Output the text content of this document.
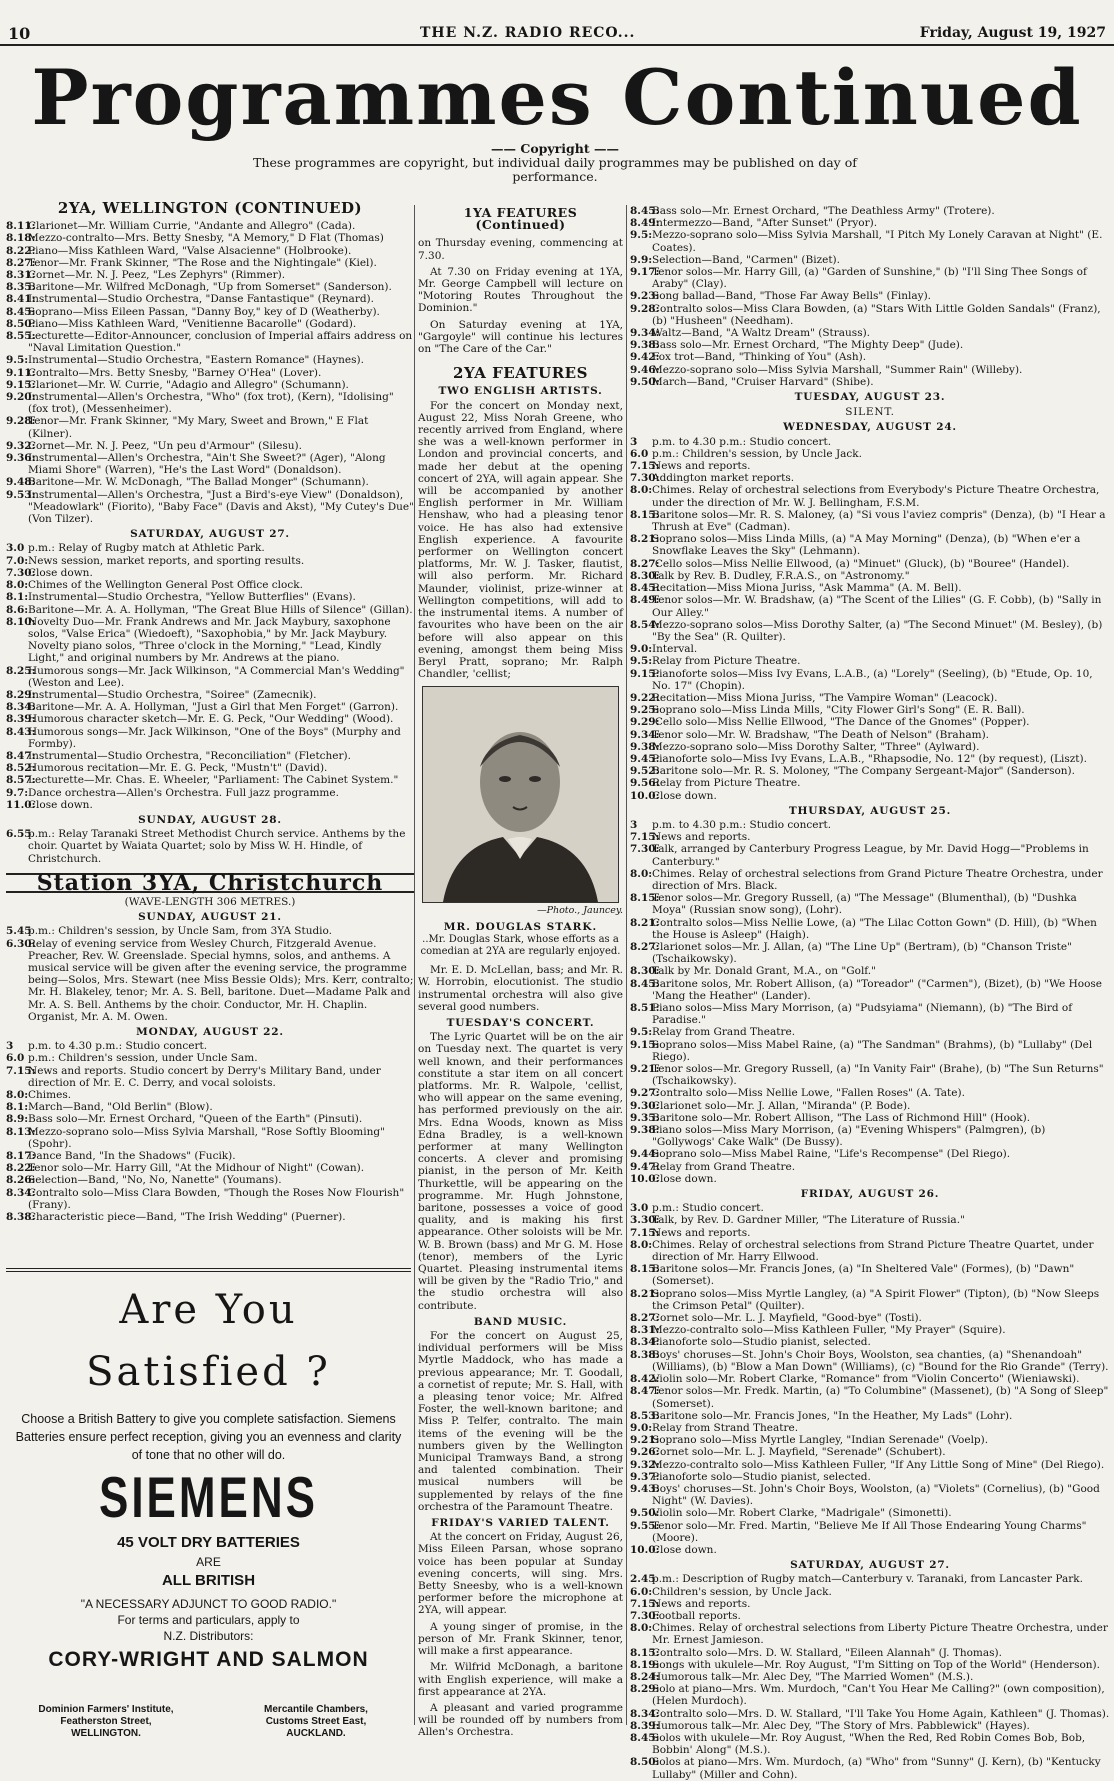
10	THE N.Z. RADIO RECO...	Friday, August 19, 1927
Programmes Continued
—— Copyright ——
These programmes are copyright, but individual daily programmes may be published on day of performance.
2YA, WELLINGTON (CONTINUED)
8.11:
Clarionet—Mr. William Currie, "Andante and Allegro" (Cada).
8.18:
Mezzo-contralto—Mrs. Betty Snesby, "A Memory," D Flat (Thomas)
8.22:
Piano—Miss Kathleen Ward, "Valse Alsacienne" (Holbrooke).
8.27:
Tenor—Mr. Frank Skinner, "The Rose and the Nightingale" (Kiel).
8.31:
Cornet—Mr. N. J. Peez, "Les Zephyrs" (Rimmer).
8.35:
Baritone—Mr. Wilfred McDonagh, "Up from Somerset" (Sanderson).
8.41:
Instrumental—Studio Orchestra, "Danse Fantastique" (Reynard).
8.45:
Soprano—Miss Eileen Passan, "Danny Boy," key of D (Weatherby).
8.50:
Piano—Miss Kathleen Ward, "Venitienne Bacarolle" (Godard).
8.55:
Lecturette—Editor-Announcer, conclusion of Imperial affairs address on "Naval Limitation Question."
9.5: Instrumental—Studio Orchestra, "Eastern Romance" (Haynes).
9.11:
Contralto—Mrs. Betty Snesby, "Barney O'Hea" (Lover).
9.15:
Clarionet—Mr. W. Currie, "Adagio and Allegro" (Schumann).
9.20:
Instrumental—Allen's Orchestra, "Who" (fox trot), (Kern), "Idolising" (fox trot), (Messenheimer).
9.28:
Tenor—Mr. Frank Skinner, "My Mary, Sweet and Brown," E Flat (Kilner).
9.32:
Cornet—Mr. N. J. Peez, "Un peu d'Armour" (Silesu).
9.36:
Instrumental—Allen's Orchestra, "Ain't She Sweet?" (Ager), "Along Miami Shore" (Warren), "He's the Last Word" (Donaldson).
9.48:
Baritone—Mr. W. McDonagh, "The Ballad Monger" (Schumann).
9.53:
Instrumental—Allen's Orchestra, "Just a Bird's-eye View" (Donaldson), "Meadowlark" (Fiorito), "Baby Face" (Davis and Akst), "My Cutey's Due" (Von Tilzer).
SATURDAY, AUGUST 27.
3.0 p.m.: Relay of Rugby match at Athletic Park.
7.0: News session, market reports, and sporting results.
7.30:
Close down.
8.0: Chimes of the Wellington General Post Office clock.
8.1: Instrumental—Studio Orchestra, "Yellow Butterflies" (Evans).
8.6: Baritone—Mr. A. A. Hollyman, "The Great Blue Hills of Silence" (Gillan).
8.10:
Novelty Duo—Mr. Frank Andrews and Mr. Jack Maybury, saxophone solos, "Valse Erica" (Wiedoeft), "Saxophobia," by Mr. Jack Maybury. Novelty piano solos, "Three o'clock in the Morning," "Lead, Kindly Light," and original numbers by Mr. Andrews at the piano.
8.25:
Humorous songs—Mr. Jack Wilkinson, "A Commercial Man's Wedding" (Weston and Lee).
8.29:
Instrumental—Studio Orchestra, "Soiree" (Zamecnik).
8.34:
Baritone—Mr. A. A. Hollyman, "Just a Girl that Men Forget" (Garron).
8.39:
Humorous character sketch—Mr. E. G. Peck, "Our Wedding" (Wood).
8.43:
Humorous songs—Mr. Jack Wilkinson, "One of the Boys" (Murphy and Formby).
8.47:
Instrumental—Studio Orchestra, "Reconciliation" (Fletcher).
8.52:
Humorous recitation—Mr. E. G. Peck, "Mustn't" (David).
8.57:
Lecturette—Mr. Chas. E. Wheeler, "Parliament: The Cabinet System."
9.7: Dance orchestra—Allen's Orchestra. Full jazz programme.
11.0:
Close down.
SUNDAY, AUGUST 28.
6.55
p.m.: Relay Taranaki Street Methodist Church service. Anthems by the choir. Quartet by Waiata Quartet; solo by Miss W. H. Hindle, of Christchurch.
Station 3YA, Christchurch
(WAVE-LENGTH 306 METRES.)
SUNDAY, AUGUST 21.
5.45
p.m.: Children's session, by Uncle Sam, from 3YA Studio.
6.30:
Relay of evening service from Wesley Church, Fitzgerald Avenue. Preacher, Rev. W. Greenslade. Special hymns, solos, and anthems. A musical service will be given after the evening service, the programme being—Solos, Mrs. Stewart (nee Miss Bessie Olds); Mrs. Kerr, contralto; Mr. H. Blakeley, tenor; Mr. A. S. Bell, baritone. Duet—Madame Palk and Mr. A. S. Bell. Anthems by the choir. Conductor, Mr. H. Chaplin. Organist, Mr. A. M. Owen.
MONDAY, AUGUST 22.
3 p.m. to 4.30 p.m.: Studio concert.
6.0 p.m.: Children's session, under Uncle Sam.
7.15:
News and reports. Studio concert by Derry's Military Band, under direction of Mr. E. C. Derry, and vocal soloists.
8.0: Chimes.
8.1: March—Band, "Old Berlin" (Blow).
8.9: Bass solo—Mr. Ernest Orchard, "Queen of the Earth" (Pinsuti).
8.13:
Mezzo-soprano solo—Miss Sylvia Marshall, "Rose Softly Blooming" (Spohr).
8.17:
Dance Band, "In the Shadows" (Fucik).
8.22:
Tenor solo—Mr. Harry Gill, "At the Midhour of Night" (Cowan).
8.26:
Selection—Band, "No, No, Nanette" (Youmans).
8.34:
Contralto solo—Miss Clara Bowden, "Though the Roses Now Flourish" (Frany).
8.38:
Characteristic piece—Band, "The Irish Wedding" (Puerner).
Are You
Satisfied ?
Choose a British Battery to give you complete satisfaction. Siemens Batteries ensure perfect reception, giving you an evenness and clarity of tone that no other will do.
SIEMENS
45 VOLT DRY BATTERIES
ARE
ALL BRITISH
"A NECESSARY ADJUNCT TO GOOD RADIO."
For terms and particulars, apply to
N.Z. Distributors:
CORY-WRIGHT AND SALMON
Dominion Farmers' Institute,
Featherston Street,
WELLINGTON.
Mercantile Chambers,
Customs Street East,
AUCKLAND.
1YA FEATURES (Continued)

on Thursday evening, commencing at 7.30.

At 7.30 on Friday evening at 1YA, Mr. George Campbell will lecture on "Motoring Routes Throughout the Dominion."

On Saturday evening at 1YA, "Gargoyle" will continue his lectures on "The Care of the Car."

2YA FEATURES
TWO ENGLISH ARTISTS.

For the concert on Monday next, August 22, Miss Norah Greene, who recently arrived from England, where she was a well-known performer in London and provincial concerts, and made her debut at the opening concert of 2YA, will again appear. She will be accompanied by another English performer in Mr. William Henshaw, who had a pleasing tenor voice. He has also had extensive English experience. A favourite performer on Wellington concert platforms, Mr. W. J. Tasker, flautist, will also perform. Mr. Richard Maunder, violinist, prize-winner at Wellington competitions, will add to the instrumental items. A number of favourites who have been on the air before will also appear on this evening, amongst them being Miss Beryl Pratt, soprano; Mr. Ralph Chandler, 'cellist;

—Photo., Jauncey.
MR. DOUGLAS STARK.
..Mr. Douglas Stark, whose efforts as a comedian at 2YA are regularly enjoyed.

Mr. E. D. McLellan, bass; and Mr. R. W. Horrobin, elocutionist. The studio instrumental orchestra will also give several good numbers.

TUESDAY'S CONCERT.

The Lyric Quartet will be on the air on Tuesday next. The quartet is very well known, and their performances constitute a star item on all concert platforms. Mr. R. Walpole, 'cellist, who will appear on the same evening, has performed previously on the air. Mrs. Edna Woods, known as Miss Edna Bradley, is a well-known performer at many Wellington concerts. A clever and promising pianist, in the person of Mr. Keith Thurkettle, will be appearing on the programme. Mr. Hugh Johnstone, baritone, possesses a voice of good quality, and is making his first appearance. Other soloists will be Mr. W. B. Brown (bass) and Mr G. M. Hose (tenor), members of the Lyric Quartet. Pleasing instrumental items will be given by the "Radio Trio," and the studio orchestra will also contribute.

BAND MUSIC.

For the concert on August 25, individual performers will be Miss Myrtle Maddock, who has made a previous appearance; Mr. T. Goodall, a cornetist of repute; Mr. S. Hall, with a pleasing tenor voice; Mr. Alfred Foster, the well-known baritone; and Miss P. Telfer, contralto. The main items of the evening will be the numbers given by the Wellington Municipal Tramways Band, a strong and talented combination. Their musical numbers will be supplemented by relays of the fine orchestra of the Paramount Theatre.

FRIDAY'S VARIED TALENT.

At the concert on Friday, August 26, Miss Eileen Parsan, whose soprano voice has been popular at Sunday evening concerts, will sing. Mrs. Betty Sneesby, who is a well-known performer before the microphone at 2YA, will appear.

A young singer of promise, in the person of Mr. Frank Skinner, tenor, will make a first appearance.

Mr. Wilfrid McDonagh, a baritone with English experience, will make a first appearance at 2YA.

A pleasant and varied programme will be rounded off by numbers from Allen's Orchestra.

8.45:
Bass solo—Mr. Ernest Orchard, "The Deathless Army" (Trotere).
8.49:
Intermezzo—Band, "After Sunset" (Pryor).
9.5: Mezzo-soprano solo—Miss Sylvia Marshall, "I Pitch My Lonely Caravan at Night" (E. Coates).
9.9: Selection—Band, "Carmen" (Bizet).
9.17:
Tenor solos—Mr. Harry Gill, (a) "Garden of Sunshine," (b) "I'll Sing Thee Songs of Araby" (Clay).
9.23:
Song ballad—Band, "Those Far Away Bells" (Finlay).
9.28:
Contralto solos—Miss Clara Bowden, (a) "Stars With Little Golden Sandals" (Franz), (b) "Husheen" (Needham).
9.34:
Waltz—Band, "A Waltz Dream" (Strauss).
9.38:
Bass solo—Mr. Ernest Orchard, "The Mighty Deep" (Jude).
9.42:
Fox trot—Band, "Thinking of You" (Ash).
9.46:
Mezzo-soprano solo—Miss Sylvia Marshall, "Summer Rain" (Willeby).
9.50:
March—Band, "Cruiser Harvard" (Shibe).
TUESDAY, AUGUST 23.
SILENT.
WEDNESDAY, AUGUST 24.
3 p.m. to 4.30 p.m.: Studio concert.
6.0 p.m.: Children's session, by Uncle Jack.
7.15:
News and reports.
7.30:
Addington market reports.
8.0: Chimes. Relay of orchestral selections from Everybody's Picture Theatre Orchestra, under the direction of Mr. W. J. Bellingham, F.S.M.
8.15:
Baritone solos—Mr. R. S. Maloney, (a) "Si vous l'aviez compris" (Denza), (b) "I Hear a Thrush at Eve" (Cadman).
8.21:
Soprano solos—Miss Linda Mills, (a) "A May Morning" (Denza), (b) "When e'er a Snowflake Leaves the Sky" (Lehmann).
8.27:
'Cello solos—Miss Nellie Ellwood, (a) "Minuet" (Gluck), (b) "Bouree" (Handel).
8.30:
Talk by Rev. B. Dudley, F.R.A.S., on "Astronomy."
8.45:
Recitation—Miss Miona Juriss, "Ask Mamma" (A. M. Bell).
8.49:
Tenor solos—Mr. W. Bradshaw, (a) "The Scent of the Lilies" (G. F. Cobb), (b) "Sally in Our Alley."
8.54:
Mezzo-soprano solos—Miss Dorothy Salter, (a) "The Second Minuet" (M. Besley), (b) "By the Sea" (R. Quilter).
9.0: Interval.
9.5: Relay from Picture Theatre.
9.15:
Pianoforte solos—Miss Ivy Evans, L.A.B., (a) "Lorely" (Seeling), (b) "Etude, Op. 10, No. 17" (Chopin).
9.22:
Recitation—Miss Miona Juriss, "The Vampire Woman" (Leacock).
9.25:
Soprano solo—Miss Linda Mills, "City Flower Girl's Song" (E. R. Ball).
9.29:
'Cello solo—Miss Nellie Ellwood, "The Dance of the Gnomes" (Popper).
9.34:
Tenor solo—Mr. W. Bradshaw, "The Death of Nelson" (Braham).
9.38:
Mezzo-soprano solo—Miss Dorothy Salter, "Three" (Aylward).
9.45:
Pianoforte solo—Miss Ivy Evans, L.A.B., "Rhapsodie, No. 12" (by request), (Liszt).
9.52:
Baritone solo—Mr. R. S. Moloney, "The Company Sergeant-Major" (Sanderson).
9.56:
Relay from Picture Theatre.
10.0:
Close down.
THURSDAY, AUGUST 25.
3 p.m. to 4.30 p.m.: Studio concert.
7.15:
News and reports.
7.30:
Talk, arranged by Canterbury Progress League, by Mr. David Hogg—"Problems in Canterbury."
8.0: Chimes. Relay of orchestral selections from Grand Picture Theatre Orchestra, under direction of Mrs. Black.
8.15:
Tenor solos—Mr. Gregory Russell, (a) "The Message" (Blumenthal), (b) "Dushka Moya" (Russian snow song), (Lohr).
8.21:
Contralto solos—Miss Nellie Lowe, (a) "The Lilac Cotton Gown" (D. Hill), (b) "When the House is Asleep" (Haigh).
8.27:
Clarionet solos—Mr. J. Allan, (a) "The Line Up" (Bertram), (b) "Chanson Triste" (Tschaikowsky).
8.30:
Talk by Mr. Donald Grant, M.A., on "Golf."
8.45:
Baritone solos, Mr. Robert Allison, (a) "Toreador" ("Carmen"), (Bizet), (b) "We Hoose 'Mang the Heather" (Lander).
8.51:
Piano solos—Miss Mary Morrison, (a) "Pudsyiama" (Niemann), (b) "The Bird of Paradise."
9.5: Relay from Grand Theatre.
9.15:
Soprano solos—Miss Mabel Raine, (a) "The Sandman" (Brahms), (b) "Lullaby" (Del Riego).
9.21:
Tenor solos—Mr. Gregory Russell, (a) "In Vanity Fair" (Brahe), (b) "The Sun Returns" (Tschaikowsky).
9.27:
Contralto solo—Miss Nellie Lowe, "Fallen Roses" (A. Tate).
9.30:
Clarionet solo—Mr. J. Allan, "Miranda" (P. Bode).
9.35:
Baritone solo—Mr. Robert Allison, "The Lass of Richmond Hill" (Hook).
9.38:
Piano solos—Miss Mary Morrison, (a) "Evening Whispers" (Palmgren), (b) "Gollywogs' Cake Walk" (De Bussy).
9.44:
Soprano solo—Miss Mabel Raine, "Life's Recompense" (Del Riego).
9.47:
Relay from Grand Theatre.
10.0:
Close down.
FRIDAY, AUGUST 26.
3.0 p.m.: Studio concert.
3.30:
Talk, by Rev. D. Gardner Miller, "The Literature of Russia."
7.15:
News and reports.
8.0: Chimes. Relay of orchestral selections from Strand Picture Theatre Quartet, under direction of Mr. Harry Ellwood.
8.15:
Baritone solos—Mr. Francis Jones, (a) "In Sheltered Vale" (Formes), (b) "Dawn" (Somerset).
8.21:
Soprano solos—Miss Myrtle Langley, (a) "A Spirit Flower" (Tipton), (b) "Now Sleeps the Crimson Petal" (Quilter).
8.27:
Cornet solo—Mr. L. J. Mayfield, "Good-bye" (Tosti).
8.31:
Mezzo-contralto solo—Miss Kathleen Fuller, "My Prayer" (Squire).
8.34:
Pianoforte solo—Studio pianist, selected.
8.38:
Boys' choruses—St. John's Choir Boys, Woolston, sea chanties, (a) "Shenandoah" (Williams), (b) "Blow a Man Down" (Williams), (c) "Bound for the Rio Grande" (Terry).
8.42:
Violin solo—Mr. Robert Clarke, "Romance" from "Violin Concerto" (Wieniawski).
8.47:
Tenor solos—Mr. Fredk. Martin, (a) "To Columbine" (Massenet), (b) "A Song of Sleep" (Somerset).
8.53:
Baritone solo—Mr. Francis Jones, "In the Heather, My Lads" (Lohr).
9.0: Relay from Strand Theatre.
9.21:
Soprano solo—Miss Myrtle Langley, "Indian Serenade" (Voelp).
9.26:
Cornet solo—Mr. L. J. Mayfield, "Serenade" (Schubert).
9.32:
Mezzo-contralto solo—Miss Kathleen Fuller, "If Any Little Song of Mine" (Del Riego).
9.37:
Pianoforte solo—Studio pianist, selected.
9.43:
Boys' choruses—St. John's Choir Boys, Woolston, (a) "Violets" (Cornelius), (b) "Good Night" (W. Davies).
9.50:
Violin solo—Mr. Robert Clarke, "Madrigale" (Simonetti).
9.55:
Tenor solo—Mr. Fred. Martin, "Believe Me If All Those Endearing Young Charms" (Moore).
10.0:
Close down.
SATURDAY, AUGUST 27.
2.45
p.m.: Description of Rugby match—Canterbury v. Taranaki, from Lancaster Park.
6.0: Children's session, by Uncle Jack.
7.15:
News and reports.
7.30:
Football reports.
8.0: Chimes. Relay of orchestral selections from Liberty Picture Theatre Orchestra, under Mr. Ernest Jamieson.
8.15:
Contralto solo—Mrs. D. W. Stallard, "Eileen Alannah" (J. Thomas).
8.19:
Songs with ukulele—Mr. Roy August, "I'm Sitting on Top of the World" (Henderson).
8.24:
Humorous talk—Mr. Alec Dey, "The Married Women" (M.S.).
8.29:
Solo at piano—Mrs. Wm. Murdoch, "Can't You Hear Me Calling?" (own composition), (Helen Murdoch).
8.34:
Contralto solo—Mrs. D. W. Stallard, "I'll Take You Home Again, Kathleen" (J. Thomas).
8.39:
Humorous talk—Mr. Alec Dey, "The Story of Mrs. Pabblewick" (Hayes).
8.45:
Solos with ukulele—Mr. Roy August, "When the Red, Red Robin Comes Bob, Bob, Bobbin' Along" (M.S.).
8.50:
Solos at piano—Mrs. Wm. Murdoch, (a) "Who" from "Sunny" (J. Kern), (b) "Kentucky Lullaby" (Miller and Cohn).
